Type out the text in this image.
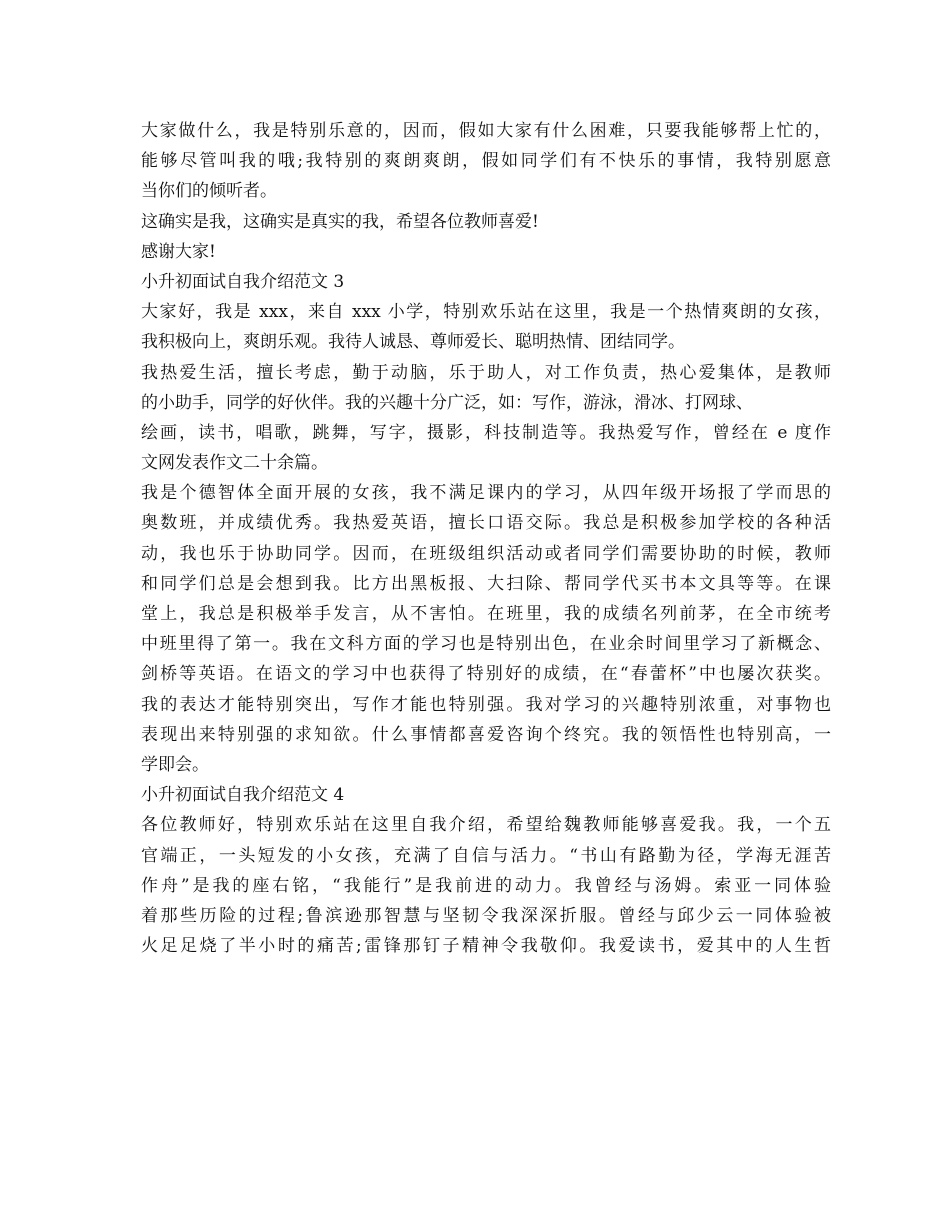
大家做什么，我是特别乐意的，因而，假如大家有什么困难，只要我能够帮上忙的，
能够尽管叫我的哦;我特别的爽朗爽朗，假如同学们有不快乐的事情，我特别愿意
当你们的倾听者。
这确实是我，这确实是真实的我，希望各位教师喜爱!
感谢大家!
小升初面试自我介绍范文 3
大家好，我是 xxx，来自 xxx 小学，特别欢乐站在这里，我是一个热情爽朗的女孩，
我积极向上，爽朗乐观。我待人诚恳、尊师爱长、聪明热情、团结同学。
我热爱生活，擅长考虑，勤于动脑，乐于助人，对工作负责，热心爱集体，是教师
的小助手，同学的好伙伴。我的兴趣十分广泛，如：写作，游泳，滑冰、打网球、
绘画，读书，唱歌，跳舞，写字，摄影，科技制造等。我热爱写作，曾经在 e 度作
文网发表作文二十余篇。
我是个德智体全面开展的女孩，我不满足课内的学习，从四年级开场报了学而思的
奥数班，并成绩优秀。我热爱英语，擅长口语交际。我总是积极参加学校的各种活
动，我也乐于协助同学。因而，在班级组织活动或者同学们需要协助的时候，教师
和同学们总是会想到我。比方出黑板报、大扫除、帮同学代买书本文具等等。在课
堂上，我总是积极举手发言，从不害怕。在班里，我的成绩名列前茅，在全市统考
中班里得了第一。我在文科方面的学习也是特别出色，在业余时间里学习了新概念、
剑桥等英语。在语文的学习中也获得了特别好的成绩，在“春蕾杯”中也屡次获奖。
我的表达才能特别突出，写作才能也特别强。我对学习的兴趣特别浓重，对事物也
表现出来特别强的求知欲。什么事情都喜爱咨询个终究。我的领悟性也特别高，一
学即会。
小升初面试自我介绍范文 4
各位教师好，特别欢乐站在这里自我介绍，希望给魏教师能够喜爱我。我，一个五
官端正，一头短发的小女孩，充满了自信与活力。“书山有路勤为径，学海无涯苦
作舟”是我的座右铭，“我能行”是我前进的动力。我曾经与汤姆。索亚一同体验
着那些历险的过程;鲁滨逊那智慧与坚韧令我深深折服。曾经与邱少云一同体验被
火足足烧了半小时的痛苦;雷锋那钉子精神令我敬仰。我爱读书，爱其中的人生哲
